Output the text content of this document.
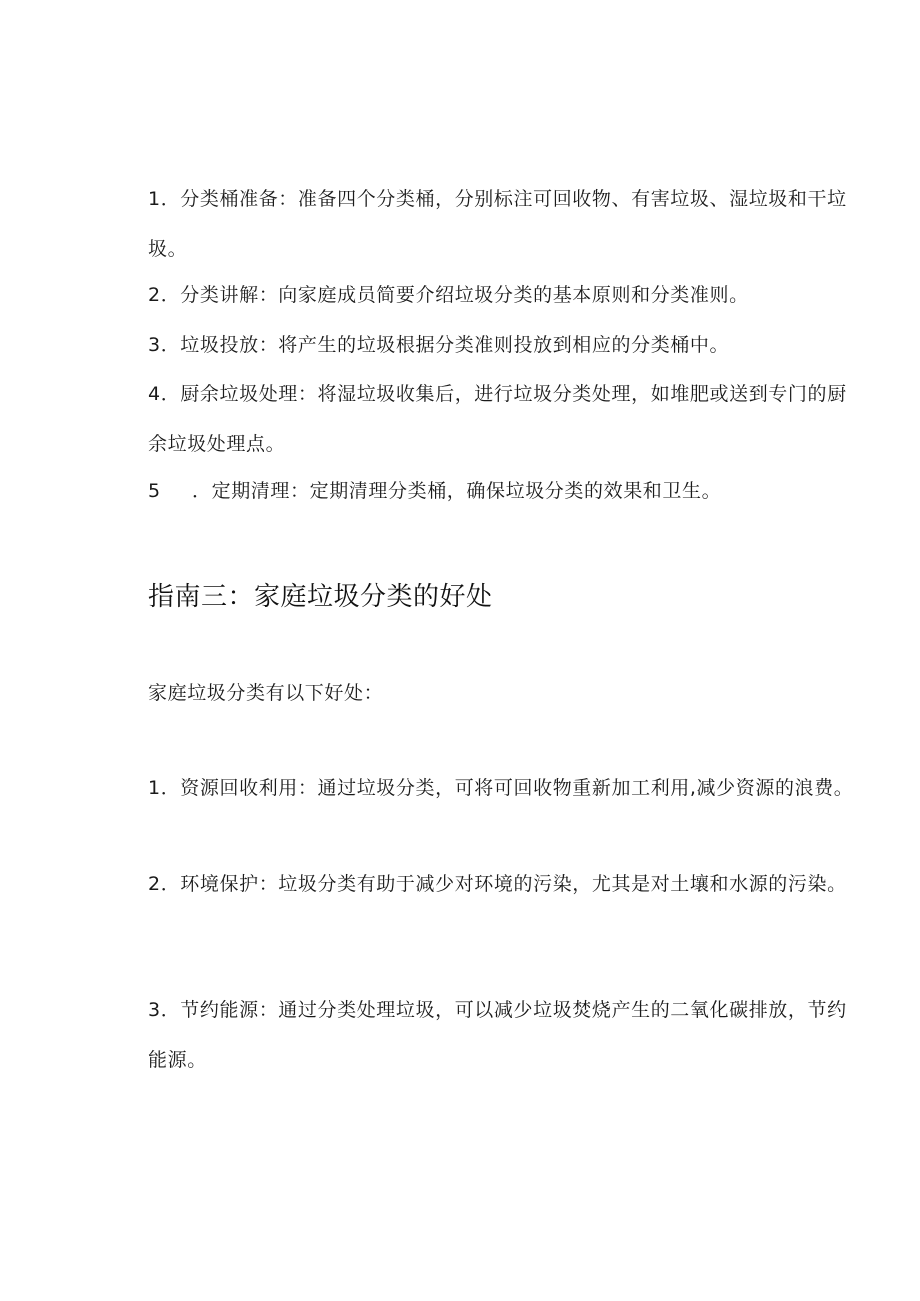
1．分类桶准备：准备四个分类桶，分别标注可回收物、有害垃圾、湿垃圾和干垃圾。

2．分类讲解：向家庭成员简要介绍垃圾分类的基本原则和分类准则。

3．垃圾投放：将产生的垃圾根据分类准则投放到相应的分类桶中。

4．厨余垃圾处理：将湿垃圾收集后，进行垃圾分类处理，如堆肥或送到专门的厨余垃圾处理点。

5 ．定期清理：定期清理分类桶，确保垃圾分类的效果和卫生。

指南三：家庭垃圾分类的好处

家庭垃圾分类有以下好处：

1．资源回收利用：通过垃圾分类，可将可回收物重新加工利用,减少资源的浪费。

2．环境保护：垃圾分类有助于减少对环境的污染，尤其是对土壤和水源的污染。

3．节约能源：通过分类处理垃圾，可以减少垃圾焚烧产生的二氧化碳排放，节约能源。
